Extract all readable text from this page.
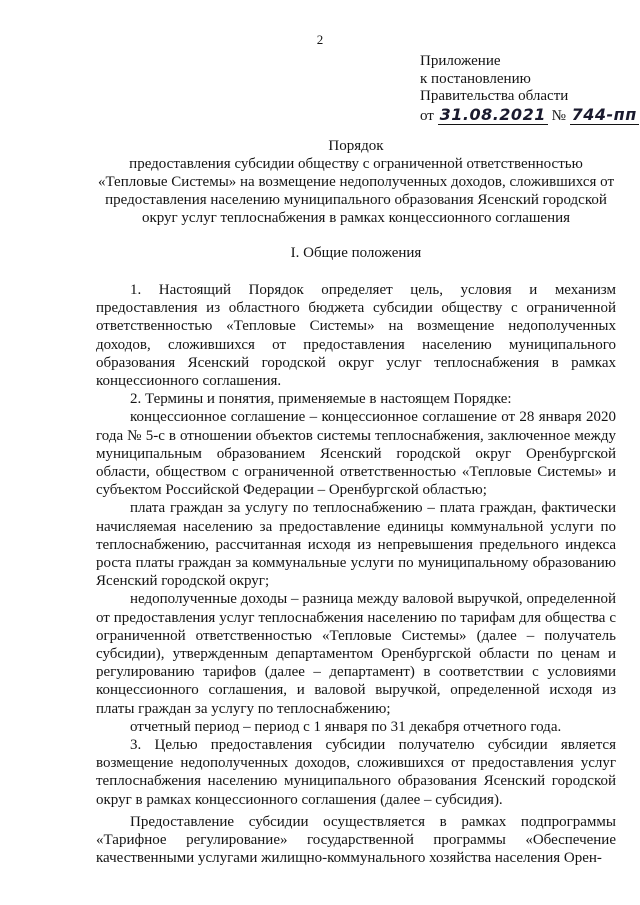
2
Приложение
к постановлению
Правительства области
от 31.08.2021 № 744-пп
Порядок
предоставления субсидии обществу с ограниченной ответственностью «Тепловые Системы» на возмещение недополученных доходов, сложившихся от предоставления населению муниципального образования Ясенский городской округ услуг теплоснабжения в рамках концессионного соглашения
I. Общие положения

1. Настоящий Порядок определяет цель, условия и механизм предоставления из областного бюджета субсидии обществу с ограниченной ответственностью «Тепловые Системы» на возмещение недополученных доходов, сложившихся от предоставления населению муниципального образования Ясенский городской округ услуг теплоснабжения в рамках концессионного соглашения.

2. Термины и понятия, применяемые в настоящем Порядке:

концессионное соглашение – концессионное соглашение от 28 января 2020 года № 5-с в отношении объектов системы теплоснабжения, заключенное между муниципальным образованием Ясенский городской округ Оренбургской области, обществом с ограниченной ответственностью «Тепловые Системы» и субъектом Российской Федерации – Оренбургской областью;

плата граждан за услугу по теплоснабжению – плата граждан, фактически начисляемая населению за предоставление единицы коммунальной услуги по теплоснабжению, рассчитанная исходя из непревышения предельного индекса роста платы граждан за коммунальные услуги по муниципальному образованию Ясенский городской округ;

недополученные доходы – разница между валовой выручкой, определенной от предоставления услуг теплоснабжения населению по тарифам для общества с ограниченной ответственностью «Тепловые Системы» (далее – получатель субсидии), утвержденным департаментом Оренбургской области по ценам и регулированию тарифов (далее – департамент) в соответствии с условиями концессионного соглашения, и валовой выручкой, определенной исходя из платы граждан за услугу по теплоснабжению;

отчетный период – период с 1 января по 31 декабря отчетного года.

3. Целью предоставления субсидии получателю субсидии является возмещение недополученных доходов, сложившихся от предоставления услуг теплоснабжения населению муниципального образования Ясенский городской округ в рамках концессионного соглашения (далее – субсидия).

Предоставление субсидии осуществляется в рамках подпрограммы «Тарифное регулирование» государственной программы «Обеспечение качественными услугами жилищно-коммунального хозяйства населения Орен-
